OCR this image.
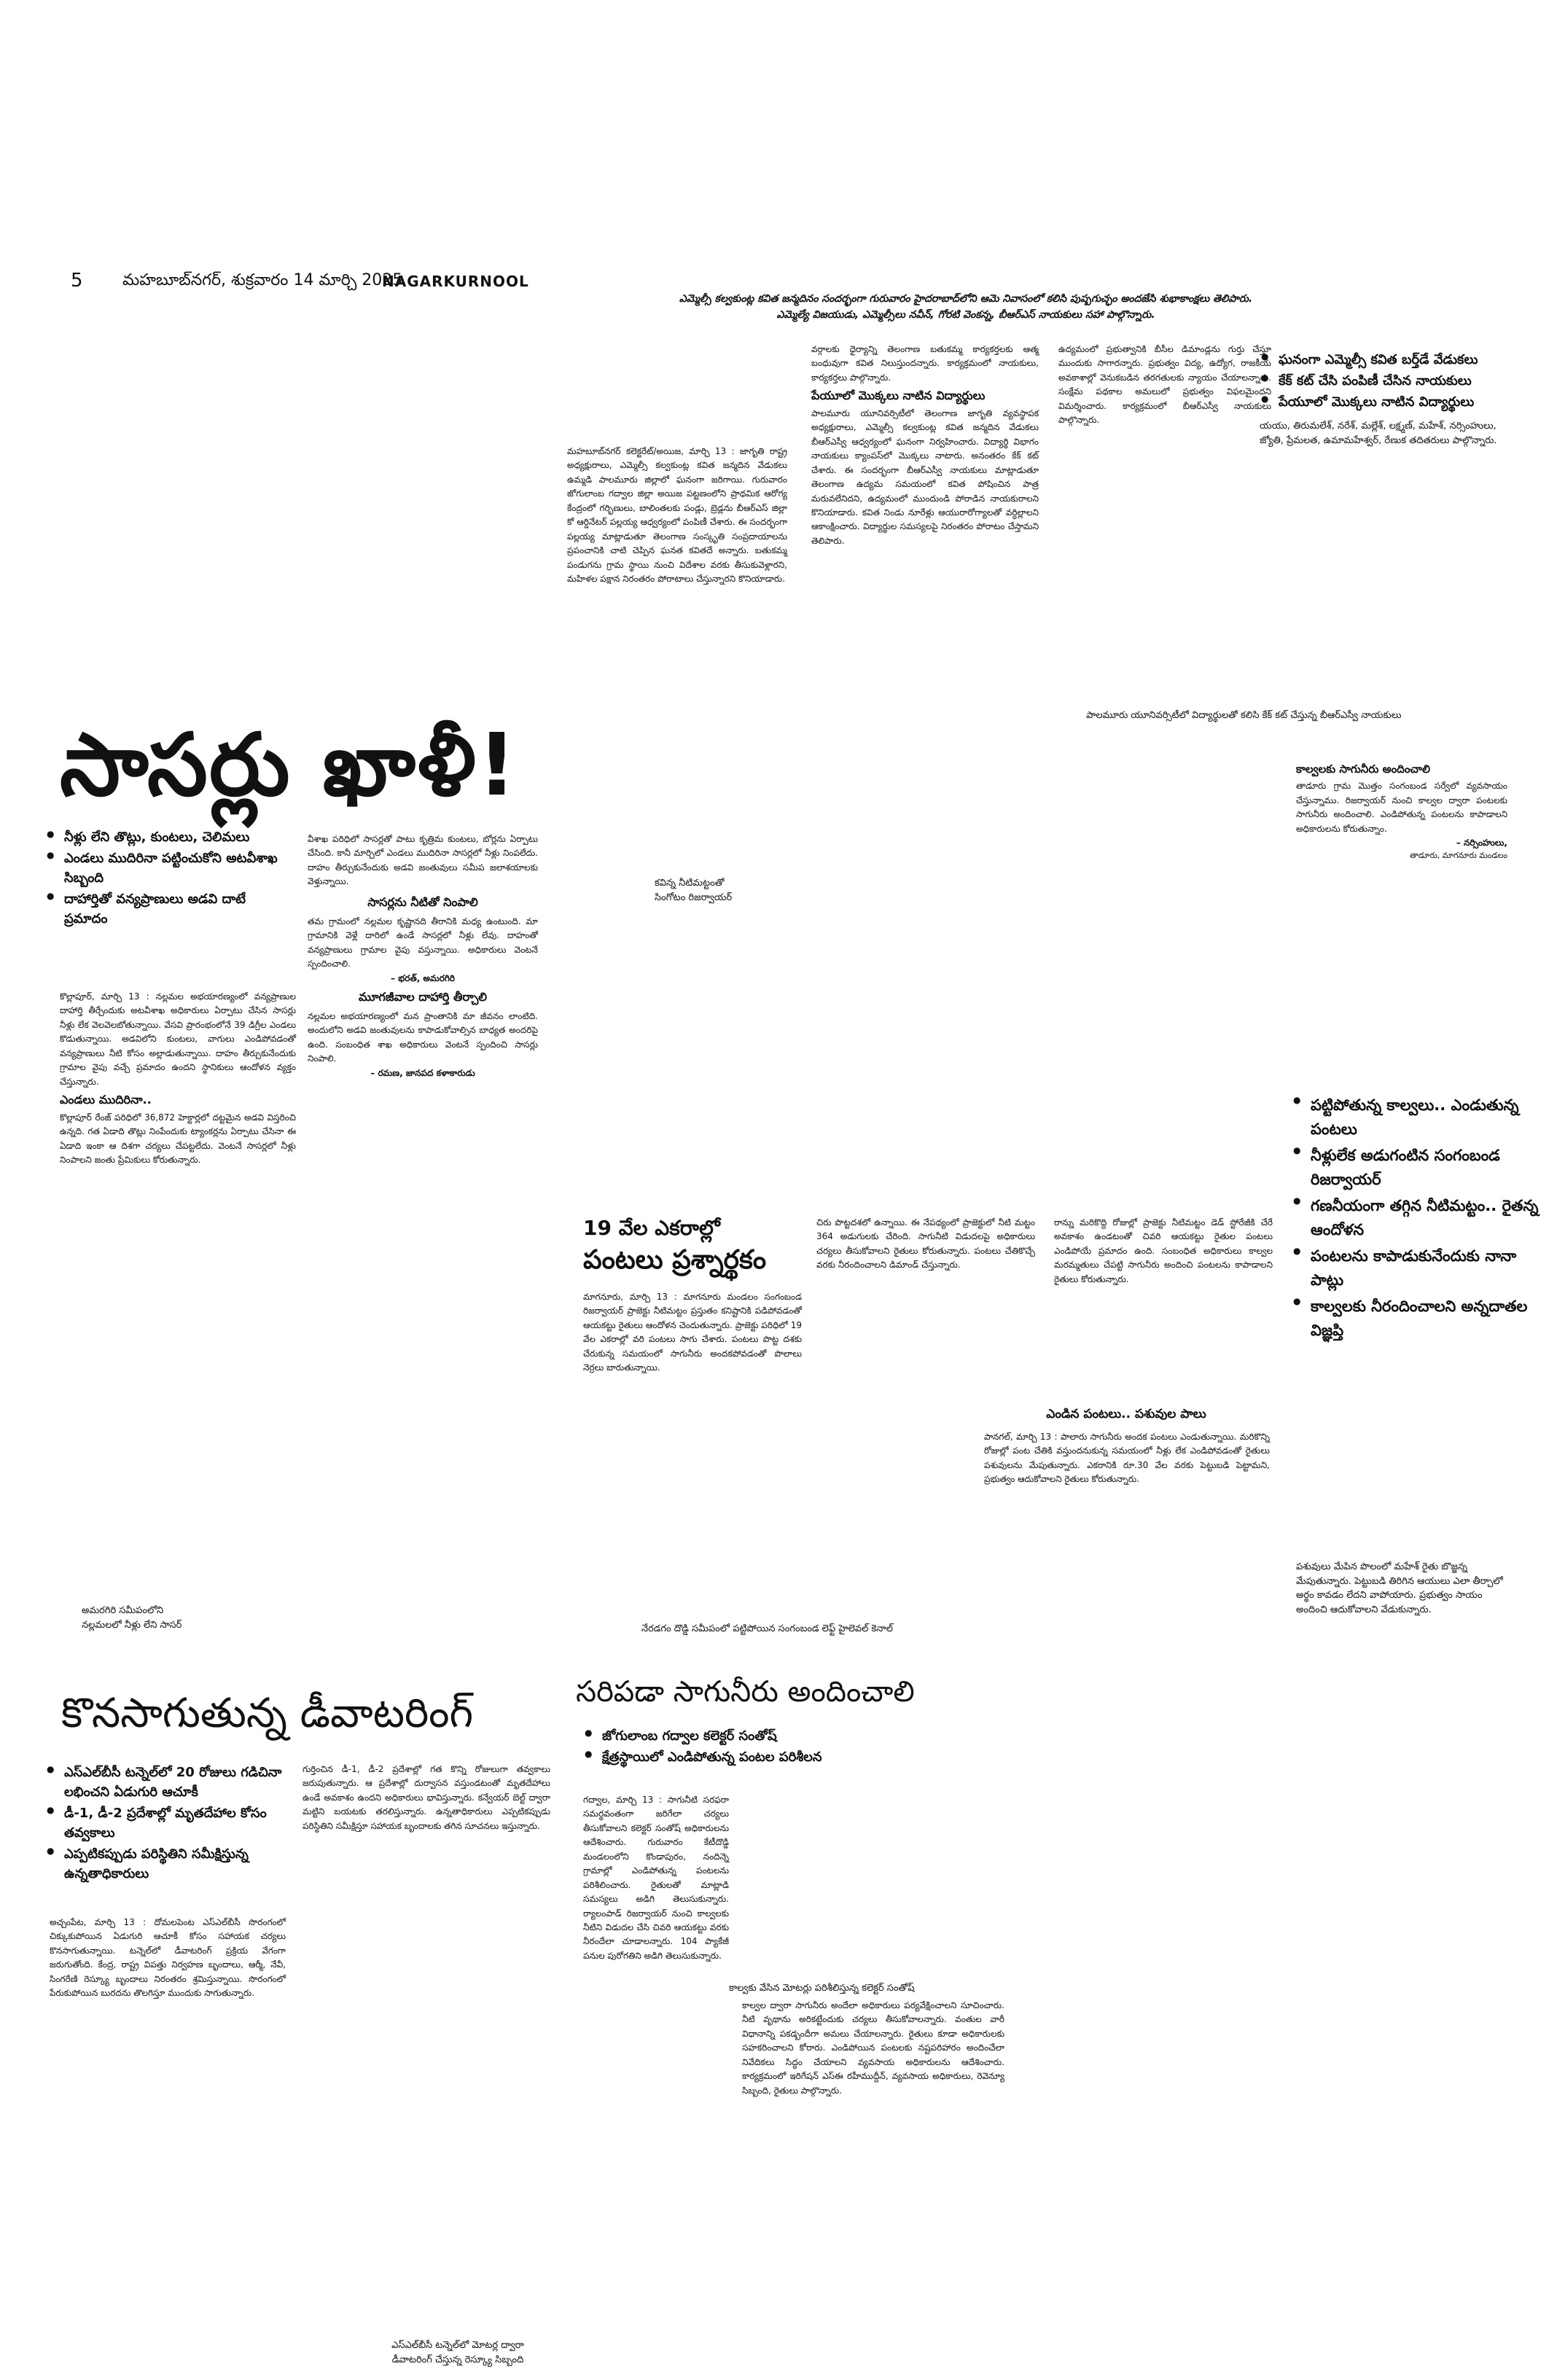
5 మహబూబ్‌నగర్, శుక్రవారం 14 మార్చి 2025
NAGARKURNOOL
ఎమ్మెల్సీ కల్వకుంట్ల కవిత జన్మదినం సందర్భంగా గురువారం హైదరాబాద్‌లోని ఆమె నివాసంలో కలిసి పుష్పగుచ్ఛం అందజేసి శుభాకాంక్షలు తెలిపారు.
ఎమ్మెల్యే విజయుడు, ఎమ్మెల్సీలు నవీన్, గోరటి వెంకన్న, బీఆర్‌ఎస్ నాయకులు సహా పాల్గొన్నారు.
మహబూబ్‌నగర్ కలెక్టరేట్/అయిజ, మార్చి 13 : జాగృతి రాష్ట్ర అధ్యక్షురాలు, ఎమ్మెల్సీ కల్వకుంట్ల కవిత జన్మదిన వేడుకలు ఉమ్మడి పాలమూరు జిల్లాలో ఘనంగా జరిగాయి. గురువారం జోగులాంబ గద్వాల జిల్లా అయిజ పట్టణంలోని ప్రాథమిక ఆరోగ్య కేంద్రంలో గర్భిణులు, బాలింతలకు పండ్లు, బ్రెడ్లను బీఆర్‌ఎస్ జిల్లా కో ఆర్డినేటర్ పల్లయ్య ఆధ్వర్యంలో పంపిణీ చేశారు. ఈ సందర్భంగా పల్లయ్య మాట్లాడుతూ తెలంగాణ సంస్కృతి సంప్రదాయాలను ప్రపంచానికి చాటి చెప్పిన ఘనత కవితదే అన్నారు. బతుకమ్మ పండుగను గ్రామ స్థాయి నుంచి విదేశాల వరకు తీసుకువెళ్లారని, మహిళల పక్షాన నిరంతరం పోరాటాలు చేస్తున్నారని కొనియాడారు.
వర్గాలకు ధైర్యాన్ని తెలంగాణ బతుకమ్మ కార్యకర్తలకు ఆత్మ బంధువుగా కవిత నిలుస్తుందన్నారు. కార్యక్రమంలో నాయకులు, కార్యకర్తలు పాల్గొన్నారు.
పేయూలో మొక్కలు నాటిన విద్యార్థులు
పాలమూరు యూనివర్సిటీలో తెలంగాణ జాగృతి వ్యవస్థాపక అధ్యక్షురాలు, ఎమ్మెల్సీ కల్వకుంట్ల కవిత జన్మదిన వేడుకలు బీఆర్‌ఎస్వీ ఆధ్వర్యంలో ఘనంగా నిర్వహించారు. విద్యార్థి విభాగం నాయకులు క్యాంపస్‌లో మొక్కలు నాటారు. అనంతరం కేక్ కట్ చేశారు. ఈ సందర్భంగా బీఆర్‌ఎస్వీ నాయకులు మాట్లాడుతూ తెలంగాణ ఉద్యమ సమయంలో కవిత పోషించిన పాత్ర మరువలేనిదని, ఉద్యమంలో ముందుండి పోరాడిన నాయకురాలని కొనియాడారు. కవిత నిండు నూరేళ్లు ఆయురారోగ్యాలతో వర్ధిల్లాలని ఆకాంక్షించారు. విద్యార్థుల సమస్యలపై నిరంతరం పోరాటం చేస్తామని తెలిపారు.
ఉద్యమంలో ప్రభుత్వానికి బీసీల డిమాండ్లను గుర్తు చేస్తూ ముందుకు సాగారన్నారు. ప్రభుత్వం విద్య, ఉద్యోగ, రాజకీయ అవకాశాల్లో వెనుకబడిన తరగతులకు న్యాయం చేయాలన్నారు. సంక్షేమ పథకాల అమలులో ప్రభుత్వం విఫలమైందని విమర్శించారు. కార్యక్రమంలో బీఆర్‌ఎస్వీ నాయకులు పాల్గొన్నారు.
● ఘనంగా ఎమ్మెల్సీ కవిత బర్త్‌డే వేడుకలు
● కేక్ కట్ చేసి పంపిణీ చేసిన నాయకులు
● పేయూలో మొక్కలు నాటిన విద్యార్థులు
యయు, తిరుమలేశ్, నరేశ్, మల్లేశ్, లక్ష్మణ్, మహేశ్, నర్సింహులు, జ్యోతి, ప్రేమలత, ఉమామహేశ్వర్, రేణుక తదితరులు పాల్గొన్నారు.
పాలమూరు యూనివర్సిటీలో విద్యార్థులతో కలిసి కేక్ కట్ చేస్తున్న బీఆర్‌ఎస్వీ నాయకులు
సాసర్లు ఖాళీ!
● నీళ్లు లేని తొట్లు, కుంటలు, చెలిమలు
● ఎండలు ముదిరినా పట్టించుకోని అటవీశాఖ సిబ్బంది
● దాహార్తితో వన్యప్రాణులు అడవి దాటే ప్రమాదం
కొల్లాపూర్, మార్చి 13 : నల్లమల అభయారణ్యంలో వన్యప్రాణుల దాహార్తి తీర్చేందుకు అటవీశాఖ అధికారులు ఏర్పాటు చేసిన సాసర్లు నీళ్లు లేక వెలవెలబోతున్నాయి. వేసవి ప్రారంభంలోనే 39 డిగ్రీల ఎండలు కొడుతున్నాయి. అడవిలోని కుంటలు, వాగులు ఎండిపోవడంతో వన్యప్రాణులు నీటి కోసం అల్లాడుతున్నాయి. దాహం తీర్చుకునేందుకు గ్రామాల వైపు వచ్చే ప్రమాదం ఉందని స్థానికులు ఆందోళన వ్యక్తం చేస్తున్నారు.
ఎండలు ముదిరినా..
కొల్లాపూర్ రేంజ్ పరిధిలో 36,872 హెక్టార్లలో దట్టమైన అడవి విస్తరించి ఉన్నది. గత ఏడాది తొట్లు నింపేందుకు ట్యాంకర్లను ఏర్పాటు చేసినా ఈ ఏడాది ఇంకా ఆ దిశగా చర్యలు చేపట్టలేదు. వెంటనే సాసర్లలో నీళ్లు నింపాలని జంతు ప్రేమికులు కోరుతున్నారు.
వీశాఖ పరిధిలో సాసర్లతో పాటు కృత్రిమ కుంటలు, బోర్లను ఏర్పాటు చేసింది. కానీ మార్చిలో ఎండలు ముదిరినా సాసర్లలో నీళ్లు నింపలేదు. దాహం తీర్చుకునేందుకు అడవి జంతువులు సమీప జలాశయాలకు వెళ్తున్నాయి.
సాసర్లను నీటితో నింపాలి
తమ గ్రామంలో నల్లమల కృష్ణానది తీరానికి మధ్య ఉంటుంది. మా గ్రామానికి వెళ్లే దారిలో ఉండే సాసర్లలో నీళ్లు లేవు. దాహంతో వన్యప్రాణులు గ్రామాల వైపు వస్తున్నాయి. అధికారులు వెంటనే స్పందించాలి.
– భరత్, అమరగిరి
మూగజీవాల దాహార్తి తీర్చాలి
నల్లమల అభయారణ్యంలో మన ప్రాంతానికి మా జీవనం లాంటిది. అందులోని అడవి జంతువులను కాపాడుకోవాల్సిన బాధ్యత అందరిపై ఉంది. సంబంధిత శాఖ అధికారులు వెంటనే స్పందించి సాసర్లు నింపాలి.
– రమణ, జానపద కళాకారుడు
కవిన్న నీటిమట్టంతో
సింగోటం రిజర్వాయర్
అమరగిరి సమీపంలోని
నల్లమలలో నీళ్లు లేని సాసర్
కాల్వలకు సాగునీరు అందించాలి
తాడూరు గ్రామ మొత్తం సంగంబండ సర్వేలో వ్యవసాయం చేస్తున్నాము. రిజర్వాయర్ నుంచి కాల్వల ద్వారా పంటలకు సాగునీరు అందించాలి. ఎండిపోతున్న పంటలను కాపాడాలని అధికారులను కోరుతున్నాం.
– నర్సింహులు,
తాడూరు, మాగనూరు మండలం
● పట్టిపోతున్న కాల్వలు.. ఎండుతున్న పంటలు
● నీళ్లులేక అడుగంటిన సంగంబండ రిజర్వాయర్
● గణనీయంగా తగ్గిన నీటిమట్టం.. రైతన్న ఆందోళన
● పంటలను కాపాడుకునేందుకు నానా పాట్లు
● కాల్వలకు నీరందించాలని అన్నదాతల విజ్ఞప్తి
19 వేల ఎకరాల్లో
పంటలు ప్రశ్నార్థకం
మాగనూరు, మార్చి 13 : మాగనూరు మండలం సంగంబండ రిజర్వాయర్ ప్రాజెక్టు నీటిమట్టం ప్రస్తుతం కనిష్టానికి పడిపోవడంతో ఆయకట్టు రైతులు ఆందోళన చెందుతున్నారు. ప్రాజెక్టు పరిధిలో 19 వేల ఎకరాల్లో వరి పంటలు సాగు చేశారు. పంటలు పొట్ట దశకు చేరుకున్న సమయంలో సాగునీరు అందకపోవడంతో పొలాలు నెర్రలు బారుతున్నాయి.
చిరు పొట్టదశలో ఉన్నాయి. ఈ నేపథ్యంలో ప్రాజెక్టులో నీటి మట్టం 364 అడుగులకు చేరింది. సాగునీటి విడుదలపై అధికారులు చర్యలు తీసుకోవాలని రైతులు కోరుతున్నారు. పంటలు చేతికొచ్చే వరకు నీరందించాలని డిమాండ్ చేస్తున్నారు.
రాన్ను మరికొద్ది రోజుల్లో ప్రాజెక్టు నీటిమట్టం డెడ్ స్టోరేజీకి చేరే అవకాశం ఉండటంతో చివరి ఆయకట్టు రైతుల పంటలు ఎండిపోయే ప్రమాదం ఉంది. సంబంధిత అధికారులు కాల్వల మరమ్మతులు చేపట్టి సాగునీరు అందించి పంటలను కాపాడాలని రైతులు కోరుతున్నారు.
ఎండిన పంటలు.. పశువుల పాలు
పానగల్, మార్చి 13 : పాలారు సాగునీరు అందక పంటలు ఎండుతున్నాయి. మరికొన్ని రోజుల్లో పంట చేతికి వస్తుందనుకున్న సమయంలో నీళ్లు లేక ఎండిపోవడంతో రైతులు పశువులను మేపుతున్నారు. ఎకరానికి రూ.30 వేల వరకు పెట్టుబడి పెట్టామని, ప్రభుత్వం ఆదుకోవాలని రైతులు కోరుతున్నారు.
నేరడగం దొడ్డి సమీపంలో పట్టిపోయిన సంగంబండ లెఫ్ట్ హైలెవల్ కెనాల్
పశువులు మేపిన పొలంలో మహేశ్ రైతు బొజ్జన్న మేపుతున్నారు. పెట్టుబడి తిరిగిన ఆయులు ఎలా తీర్చాలో అర్థం కావడం లేదని వాపోయారు. ప్రభుత్వం సాయం అందించి ఆదుకోవాలని వేడుకున్నారు.
కొనసాగుతున్న డీవాటరింగ్
● ఎస్ఎల్‌బీసీ టన్నెల్‌లో 20 రోజులు గడిచినా లభించని ఏడుగురి ఆచూకీ
● డీ-1, డీ-2 ప్రదేశాల్లో మృతదేహాల కోసం తవ్వకాలు
● ఎప్పటికప్పుడు పరిస్థితిని సమీక్షిస్తున్న ఉన్నతాధికారులు
అచ్చంపేట, మార్చి 13 : దోమలపెంట ఎస్ఎల్‌బీసీ సొరంగంలో చిక్కుకుపోయిన ఏడుగురి ఆచూకీ కోసం సహాయక చర్యలు కొనసాగుతున్నాయి. టన్నెల్‌లో డీవాటరింగ్ ప్రక్రియ వేగంగా జరుగుతోంది. కేంద్ర, రాష్ట్ర విపత్తు నిర్వహణ బృందాలు, ఆర్మీ, నేవీ, సింగరేణి రెస్క్యూ బృందాలు నిరంతరం శ్రమిస్తున్నాయి. సొరంగంలో పేరుకుపోయిన బురదను తొలగిస్తూ ముందుకు సాగుతున్నారు.
గుర్తించిన డీ-1, డీ-2 ప్రదేశాల్లో గత కొన్ని రోజులుగా తవ్వకాలు జరుపుతున్నారు. ఆ ప్రదేశాల్లో దుర్వాసన వస్తుండటంతో మృతదేహాలు ఉండే అవకాశం ఉందని అధికారులు భావిస్తున్నారు. కన్వేయర్ బెల్ట్ ద్వారా మట్టిని బయటకు తరలిస్తున్నారు. ఉన్నతాధికారులు ఎప్పటికప్పుడు పరిస్థితిని సమీక్షిస్తూ సహాయక బృందాలకు తగిన సూచనలు ఇస్తున్నారు.
ఎస్ఎల్‌బీసీ టన్నెల్‌లో మోటర్ల ద్వారా
డీవాటరింగ్ చేస్తున్న రెస్క్యూ సిబ్బంది
సరిపడా సాగునీరు అందించాలి
● జోగులాంబ గద్వాల కలెక్టర్ సంతోష్
● క్షేత్రస్థాయిలో ఎండిపోతున్న పంటల పరిశీలన
గద్వాల, మార్చి 13 : సాగునీటి సరఫరా సమర్థవంతంగా జరిగేలా చర్యలు తీసుకోవాలని కలెక్టర్ సంతోష్ అధికారులను ఆదేశించారు. గురువారం కేటీదొడ్డి మండలంలోని కొండాపురం, నందిన్నె గ్రామాల్లో ఎండిపోతున్న పంటలను పరిశీలించారు. రైతులతో మాట్లాడి సమస్యలు అడిగి తెలుసుకున్నారు. ర్యాలంపాడ్ రిజర్వాయర్ నుంచి కాల్వలకు నీటిని విడుదల చేసి చివరి ఆయకట్టు వరకు నీరందేలా చూడాలన్నారు. 104 ప్యాకేజీ పనుల పురోగతిని అడిగి తెలుసుకున్నారు.
కాల్వకు వేసిన మోటర్లు పరిశీలిస్తున్న కలెక్టర్ సంతోష్
కాల్వల ద్వారా సాగునీరు అందేలా అధికారులు పర్యవేక్షించాలని సూచించారు. నీటి వృథాను అరికట్టేందుకు చర్యలు తీసుకోవాలన్నారు. వంతుల వారీ విధానాన్ని పకడ్బందీగా అమలు చేయాలన్నారు. రైతులు కూడా అధికారులకు సహకరించాలని కోరారు. ఎండిపోయిన పంటలకు నష్టపరిహారం అందించేలా నివేదికలు సిద్ధం చేయాలని వ్యవసాయ అధికారులను ఆదేశించారు. కార్యక్రమంలో ఇరిగేషన్ ఎస్ఈ రహీముద్దీన్, వ్యవసాయ అధికారులు, రెవెన్యూ సిబ్బంది, రైతులు పాల్గొన్నారు.
